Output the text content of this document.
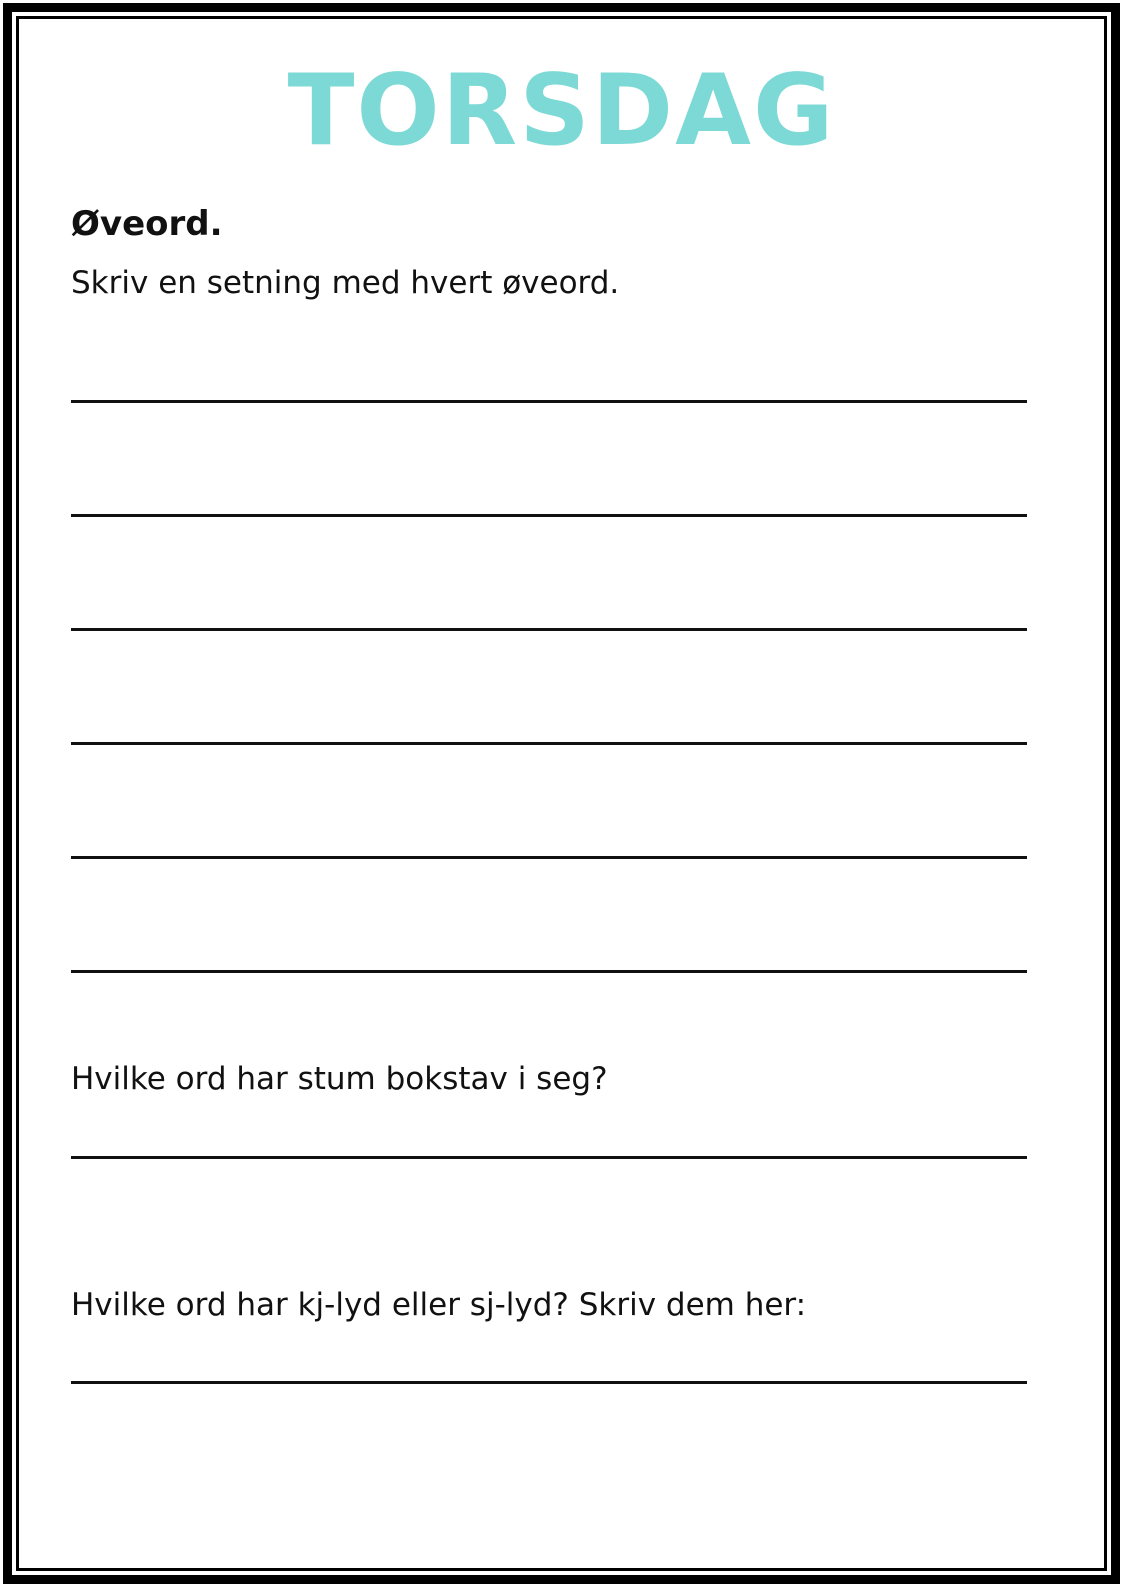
TORSDAG
Øveord.
Skriv en setning med hvert øveord.
Hvilke ord har stum bokstav i seg?
Hvilke ord har kj-lyd eller sj-lyd? Skriv dem her:
